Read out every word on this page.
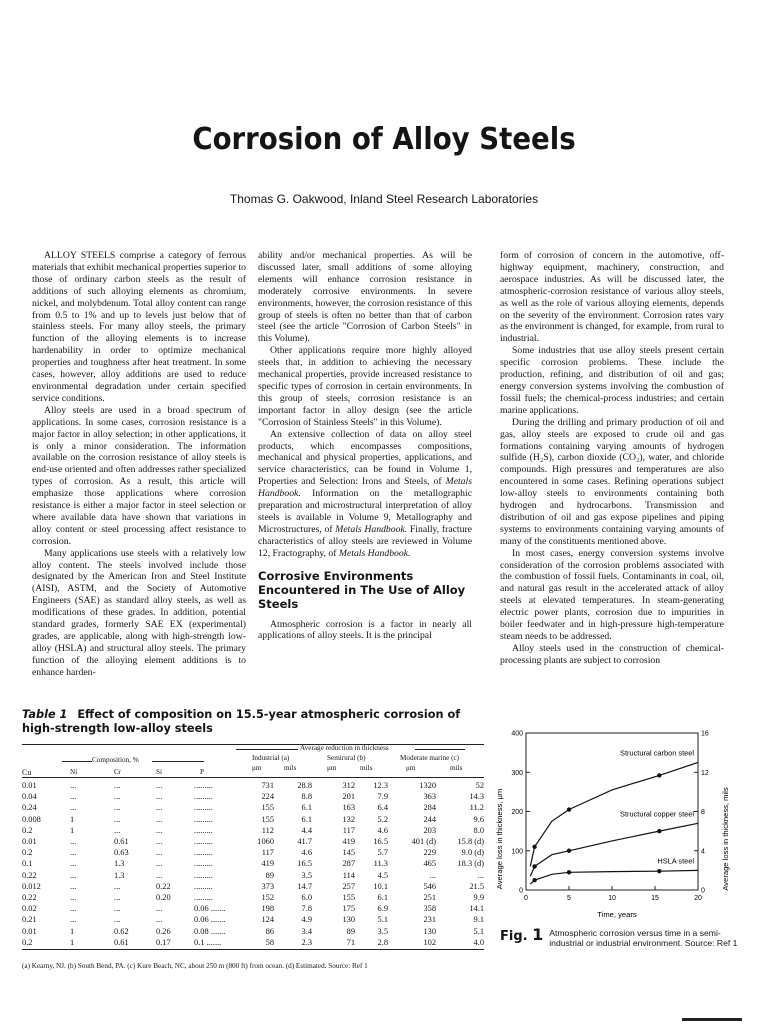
Corrosion of Alloy Steels
Thomas G. Oakwood, Inland Steel Research Laboratories

ALLOY STEELS comprise a category of ferrous materials that exhibit mechanical properties superior to those of ordinary carbon steels as the result of additions of such alloying elements as chromium, nickel, and molybdenum. Total alloy content can range from 0.5 to 1% and up to levels just below that of stainless steels. For many alloy steels, the primary function of the alloying elements is to increase hardenability in order to optimize mechanical properties and toughness after heat treatment. In some cases, however, alloy additions are used to reduce environmental degradation under certain specified service conditions.

Alloy steels are used in a broad spectrum of applications. In some cases, corrosion resistance is a major factor in alloy selection; in other applications, it is only a minor consideration. The information available on the corrosion resistance of alloy steels is end-use oriented and often addresses rather specialized types of corrosion. As a result, this article will emphasize those applications where corrosion resistance is either a major factor in steel selection or where available data have shown that variations in alloy content or steel processing affect resistance to corrosion.

Many applications use steels with a relatively low alloy content. The steels involved include those designated by the American Iron and Steel Institute (AISI), ASTM, and the Society of Automotive Engineers (SAE) as standard alloy steels, as well as modifications of these grades. In addition, potential standard grades, formerly SAE EX (experimental) grades, are applicable, along with high-strength low-alloy (HSLA) and structural alloy steels. The primary function of the alloying element additions is to enhance harden-

ability and/or mechanical properties. As will be discussed later, small additions of some alloying elements will enhance corrosion resistance in moderately corrosive environments. In severe environments, however, the corrosion resistance of this group of steels is often no better than that of carbon steel (see the article "Corrosion of Carbon Steels" in this Volume).

Other applications require more highly alloyed steels that, in addition to achieving the necessary mechanical properties, provide increased resistance to specific types of corrosion in certain environments. In this group of steels, corrosion resistance is an important factor in alloy design (see the article "Corrosion of Stainless Steels" in this Volume).

An extensive collection of data on alloy steel products, which encompasses compositions, mechanical and physical properties, applications, and service characteristics, can be found in Volume 1, Properties and Selection: Irons and Steels, of Metals Handbook. Information on the metallographic preparation and microstructural interpretation of alloy steels is available in Volume 9, Metallography and Microstructures, of Metals Handbook. Finally, fracture characteristics of alloy steels are reviewed in Volume 12, Fractography, of Metals Handbook.

Corrosive Environments Encountered in The Use of Alloy Steels

Atmospheric corrosion is a factor in nearly all applications of alloy steels. It is the principal

form of corrosion of concern in the automotive, off-highway equipment, machinery, construction, and aerospace industries. As will be discussed later, the atmospheric-corrosion resistance of various alloy steels, as well as the role of various alloying elements, depends on the severity of the environment. Corrosion rates vary as the environment is changed, for example, from rural to industrial.

Some industries that use alloy steels present certain specific corrosion problems. These include the production, refining, and distribution of oil and gas; energy conversion systems involving the combustion of fossil fuels; the chemical-process industries; and certain marine applications.

During the drilling and primary production of oil and gas, alloy steels are exposed to crude oil and gas formations containing varying amounts of hydrogen sulfide (H₂S), carbon dioxide (CO₂), water, and chloride compounds. High pressures and temperatures are also encountered in some cases. Refining operations subject low-alloy steels to environments containing both hydrogen and hydrocarbons. Transmission and distribution of oil and gas expose pipelines and piping systems to environments containing varying amounts of many of the constituents mentioned above.

In most cases, energy conversion systems involve consideration of the corrosion problems associated with the combustion of fossil fuels. Contaminants in coal, oil, and natural gas result in the accelerated attack of alloy steels at elevated temperatures. In steam-generating electric power plants, corrosion due to impurities in boiler feedwater and in high-pressure high-temperature steam needs to be addressed.

Alloy steels used in the construction of chemical-processing plants are subject to corrosion

Table 1 Effect of composition on 15.5-year atmospheric corrosion of high-strength low-alloy steels
Composition, %
Average reduction in thickness
Industrial (a)	Semirural (b)	Moderate marine (c)
Cu	Ni	Cr	Si	P	μm	mils	μm	mils	μm	mils
0.01	...	...	...	.........	731	28.8	312	12.3	1320	52
0.04	...	...	...	.........	224	8.8	201	7.9	363	14.3
0.24	...	...	...	.........	155	6.1	163	6.4	284	11.2
0.008	1	...	...	.........	155	6.1	132	5.2	244	9.6
0.2	1	...	...	.........	112	4.4	117	4.6	203	8.0
0.01	...	0.61	...	.........	1060	41.7	419	16.5	401 (d)	15.8 (d)
0.2	...	0.63	...	.........	117	4.6	145	5.7	229	9.0 (d)
0.1	...	1.3	...	.........	419	16.5	287	11.3	465	18.3 (d)
0.22	...	1.3	...	.........	89	3.5	114	4.5	...	...
0.012	...	...	0.22	.........	373	14.7	257	10.1	546	21.5
0.22	...	...	0.20	.........	152	6.0	155	6.1	251	9.9
0.02	...	...	...	0.06 .......	198	7.8	175	6.9	358	14.1
0.21	...	...	...	0.06 .......	124	4.9	130	5.1	231	9.1
0.01	1	0.62	0.26	0.08 .......	86	3.4	89	3.5	130	5.1
0.2	1	0.61	0.17	0.1 .......	58	2.3	71	2.8	102	4.0
(a) Kearny, NJ. (b) South Bend, PA. (c) Kure Beach, NC, about 250 m (800 ft) from ocean. (d) Estimated. Source: Ref 1
0
100
200
300
400
0
4
8
12
16
0	5	10	15	20
Structural carbon steel
Structural copper steel
HSLA steel
Average loss in thickness, μm	Average loss in thickness, mils
Time, years
Fig. 1 Atmospheric corrosion versus time in a semi-industrial or industrial environment. Source: Ref 1
